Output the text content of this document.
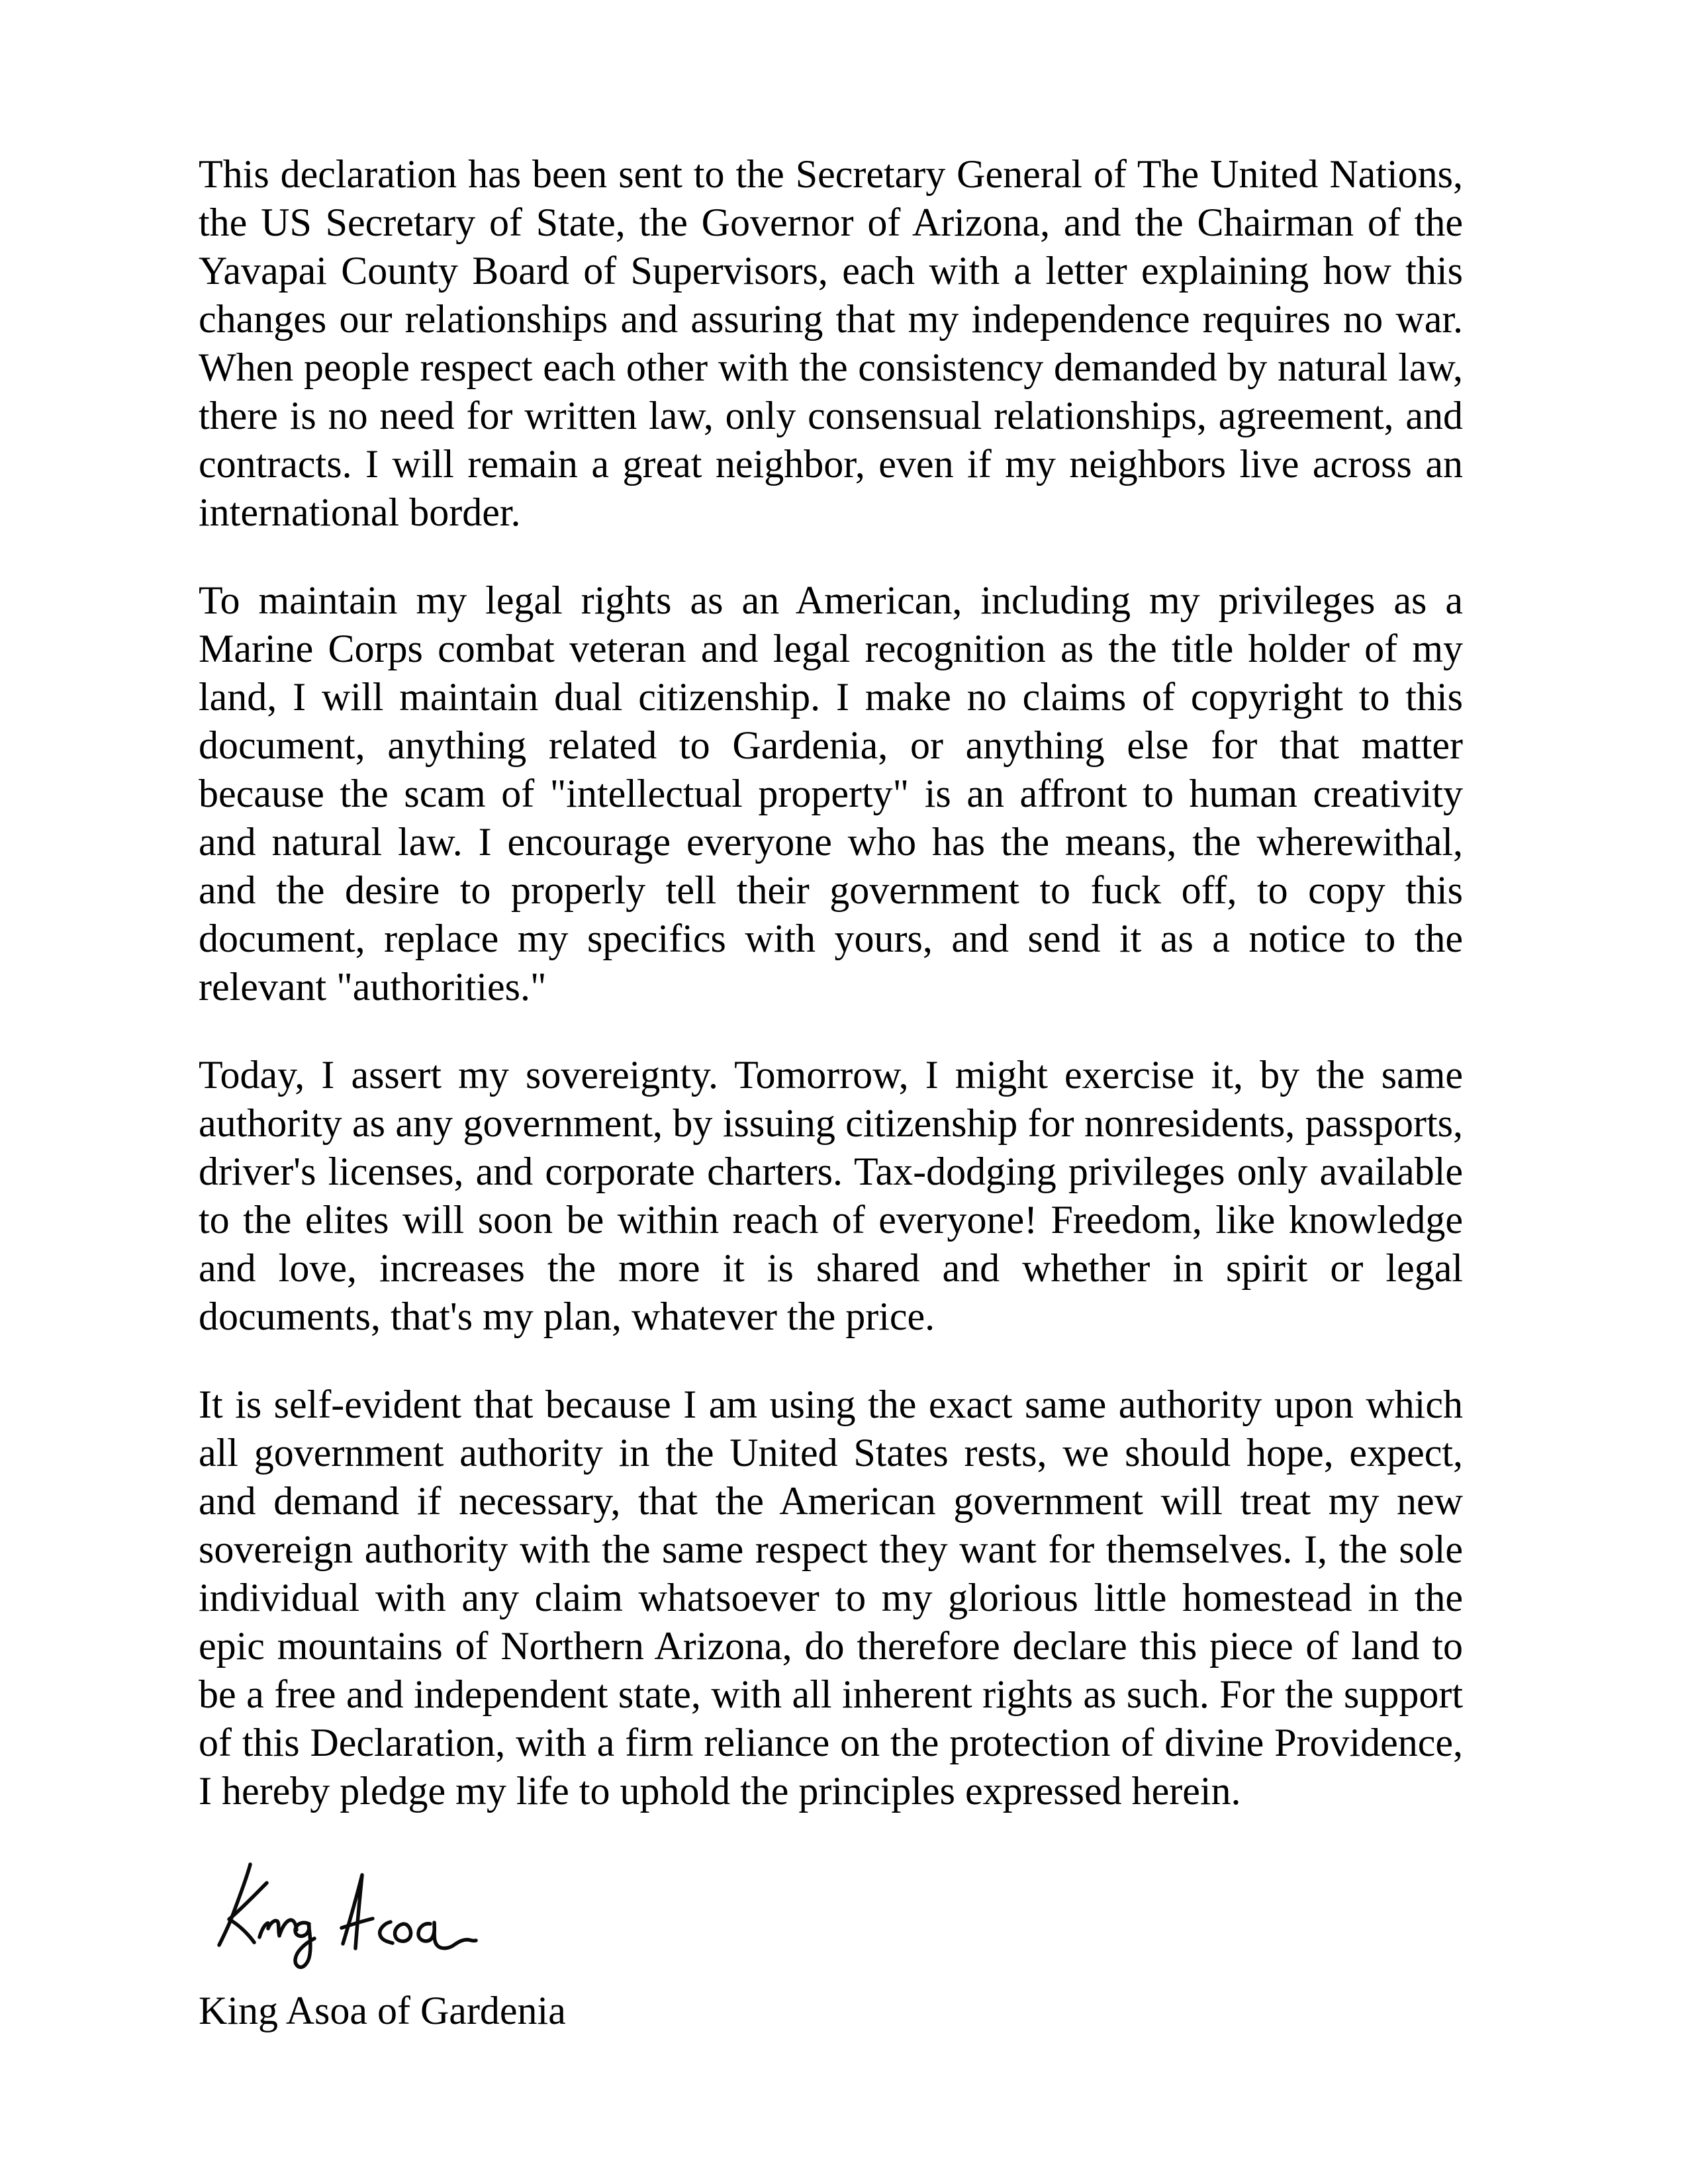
This declaration has been sent to the Secretary General of The United Nations, the US Secretary of State, the Governor of Arizona, and the Chairman of the Yavapai County Board of Supervisors, each with a letter explaining how this changes our relationships and assuring that my independence requires no war. When people respect each other with the consistency demanded by natural law, there is no need for written law, only consensual relationships, agreement, and contracts. I will remain a great neighbor, even if my neighbors live across an international border.

To maintain my legal rights as an American, including my privileges as a Marine Corps combat veteran and legal recognition as the title holder of my land, I will maintain dual citizenship. I make no claims of copyright to this document, anything related to Gardenia, or anything else for that matter because the scam of "intellectual property" is an affront to human creativity and natural law. I encourage everyone who has the means, the wherewithal, and the desire to properly tell their government to fuck off, to copy this document, replace my specifics with yours, and send it as a notice to the relevant "authorities."

Today, I assert my sovereignty. Tomorrow, I might exercise it, by the same authority as any government, by issuing citizenship for nonresidents, passports, driver's licenses, and corporate charters. Tax-dodging privileges only available to the elites will soon be within reach of everyone! Freedom, like knowledge and love, increases the more it is shared and whether in spirit or legal documents, that's my plan, whatever the price.

It is self-evident that because I am using the exact same authority upon which all government authority in the United States rests, we should hope, expect, and demand if necessary, that the American government will treat my new sovereign authority with the same respect they want for themselves. I, the sole individual with any claim whatsoever to my glorious little homestead in the epic mountains of Northern Arizona, do therefore declare this piece of land to be a free and independent state, with all inherent rights as such. For the support of this Declaration, with a firm reliance on the protection of divine Providence, I hereby pledge my life to uphold the principles expressed herein.

King Asoa of Gardenia
